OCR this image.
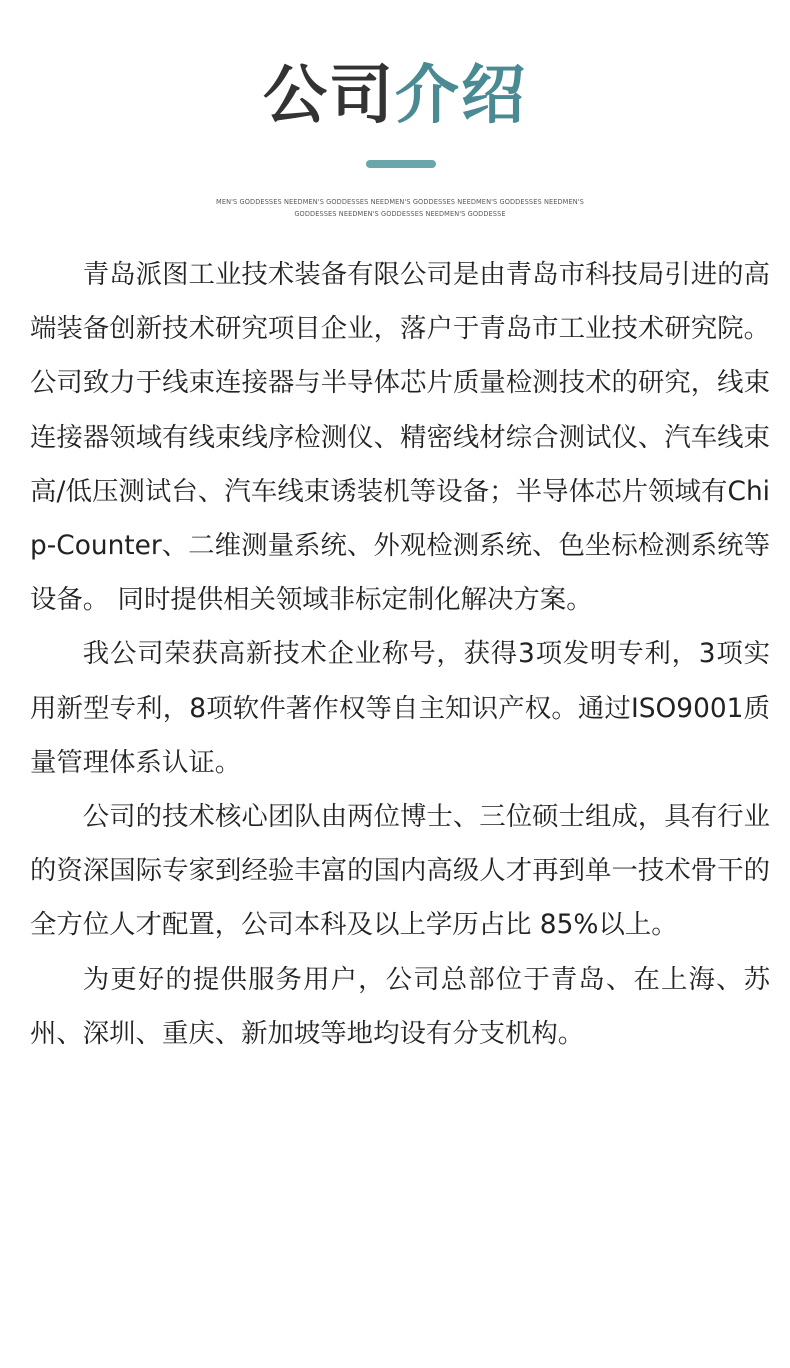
公司介绍
MEN'S GODDESSES NEEDMEN'S GODDESSES NEEDMEN'S GODDESSES NEEDMEN'S GODDESSES NEEDMEN'S
GODDESSES NEEDMEN'S GODDESSES NEEDMEN'S GODDESSE

青岛派图工业技术装备有限公司是由青岛市科技局引进的高端装备创新技术研究项目企业，落户于青岛市工业技术研究院。公司致力于线束连接器与半导体芯片质量检测技术的研究，线束连接器领域有线束线序检测仪、精密线材综合测试仪、汽车线束高/低压测试台、汽车线束诱装机等设备；半导体芯片领域有Chip-Counter、二维测量系统、外观检测系统、色坐标检测系统等设备。 同时提供相关领域非标定制化解决方案。

我公司荣获高新技术企业称号，获得3项发明专利，3项实用新型专利，8项软件著作权等自主知识产权。通过ISO9001质量管理体系认证。

公司的技术核心团队由两位博士、三位硕士组成，具有行业的资深国际专家到经验丰富的国内高级人才再到单一技术骨干的全方位人才配置，公司本科及以上学历占比 85%以上。

为更好的提供服务用户，公司总部位于青岛、在上海、苏州、深圳、重庆、新加坡等地均设有分支机构。
